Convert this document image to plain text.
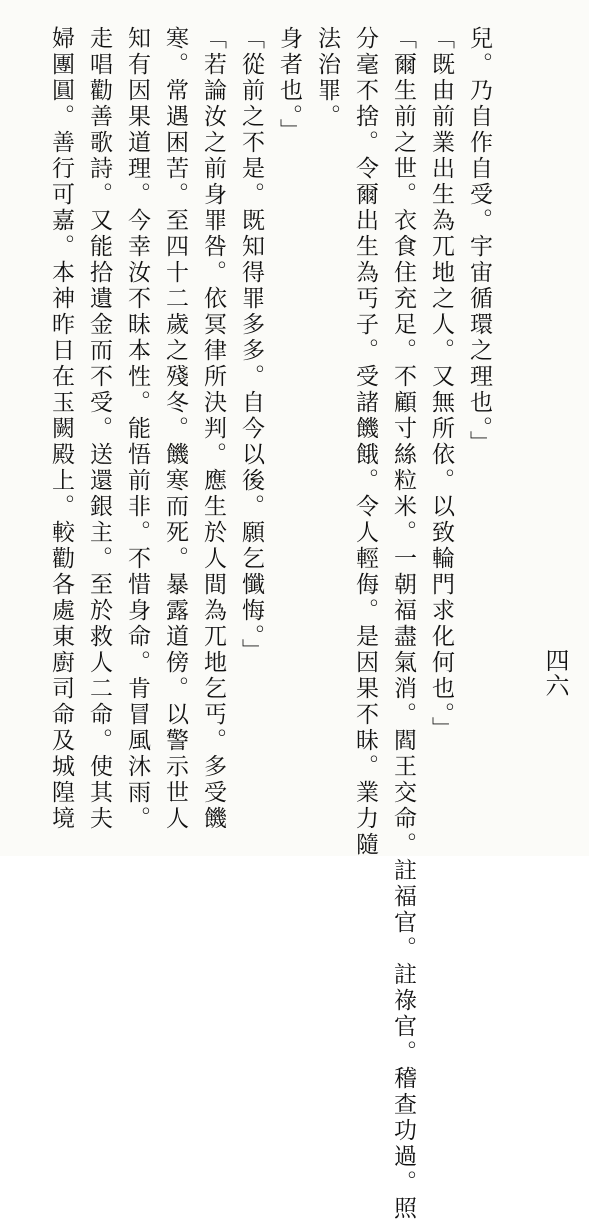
四六
兒。乃自作自受。宇宙循環之理也。」
「既由前業出生為兀地之人。又無所依。以致輪門求化何也。」
「爾生前之世。衣食住充足。不顧寸絲粒米。一朝福盡氣消。閻王交命。註福官。註祿官。稽查功過。照
分毫不捨。令爾出生為丐子。受諸饑餓。令人輕侮。是因果不昧。業力隨
法治罪。
身者也。」
「從前之不是。既知得罪多多。自今以後。願乞懺悔。」
「若論汝之前身罪咎。依冥律所決判。應生於人間為兀地乞丐。多受饑
寒。常遇困苦。至四十二歲之殘冬。饑寒而死。暴露道傍。以警示世人
知有因果道理。今幸汝不昧本性。能悟前非。不惜身命。肯冒風沐雨。
走唱勸善歌詩。又能拾遺金而不受。送還銀主。至於救人二命。使其夫
婦團圓。善行可嘉。本神昨日在玉闕殿上。較勸各處東廚司命及城隍境
